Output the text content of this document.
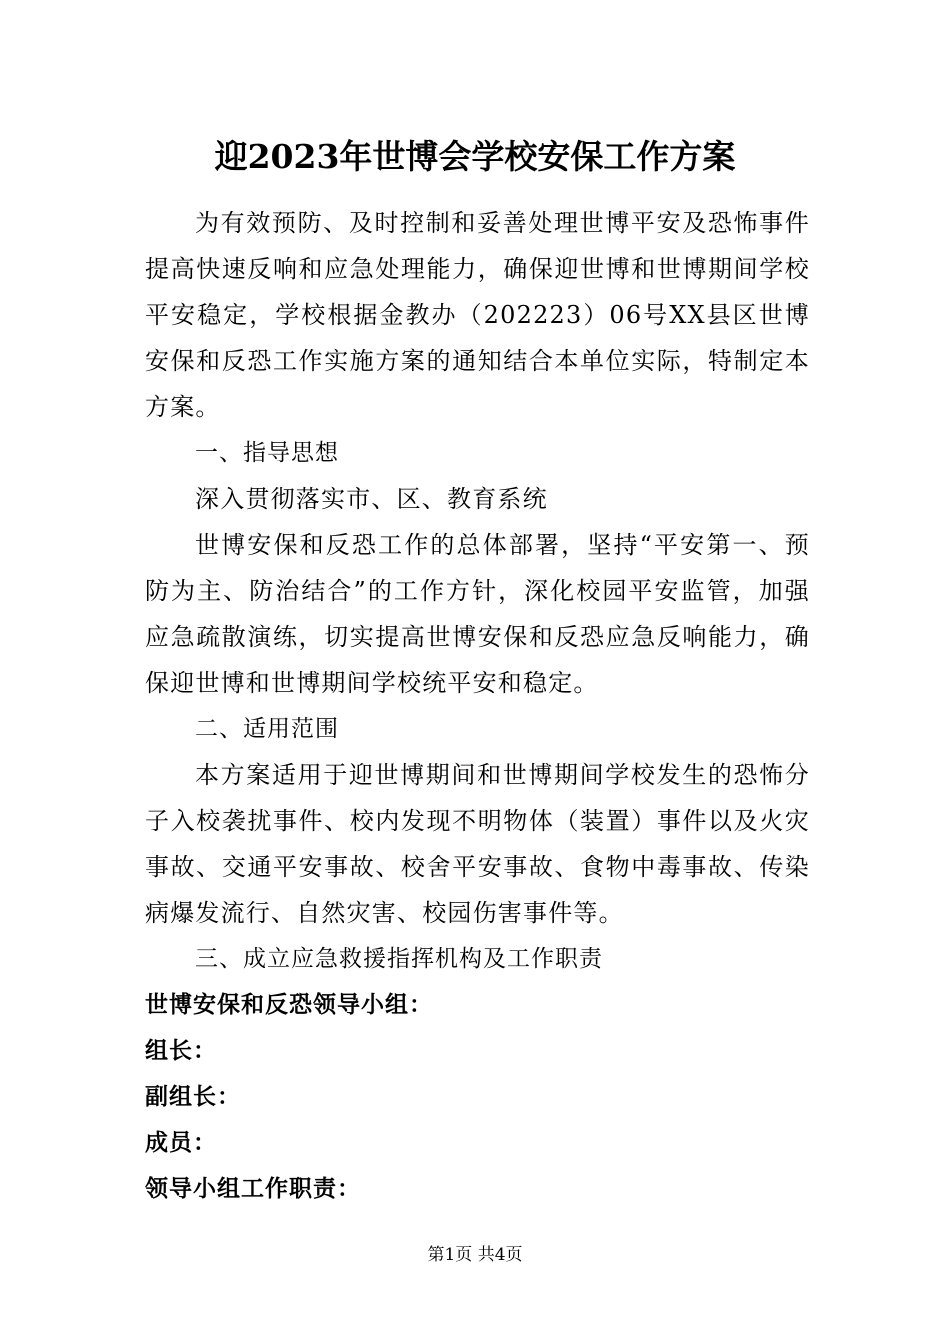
迎2023年世博会学校安保工作方案

为有效预防、及时控制和妥善处理世博平安及恐怖事件提高快速反响和应急处理能力，确保迎世博和世博期间学校平安稳定，学校根据金教办（202223）06号XX县区世博安保和反恐工作实施方案的通知结合本单位实际，特制定本方案。

一、指导思想

深入贯彻落实市、区、教育系统

世博安保和反恐工作的总体部署，坚持“平安第一、预防为主、防治结合”的工作方针，深化校园平安监管，加强应急疏散演练，切实提高世博安保和反恐应急反响能力，确保迎世博和世博期间学校统平安和稳定。

二、适用范围

本方案适用于迎世博期间和世博期间学校发生的恐怖分子入校袭扰事件、校内发现不明物体（装置）事件以及火灾事故、交通平安事故、校舍平安事故、食物中毒事故、传染病爆发流行、自然灾害、校园伤害事件等。

三、成立应急救援指挥机构及工作职责

世博安保和反恐领导小组：

组长：

副组长：

成员：

领导小组工作职责：

第1页 共4页
